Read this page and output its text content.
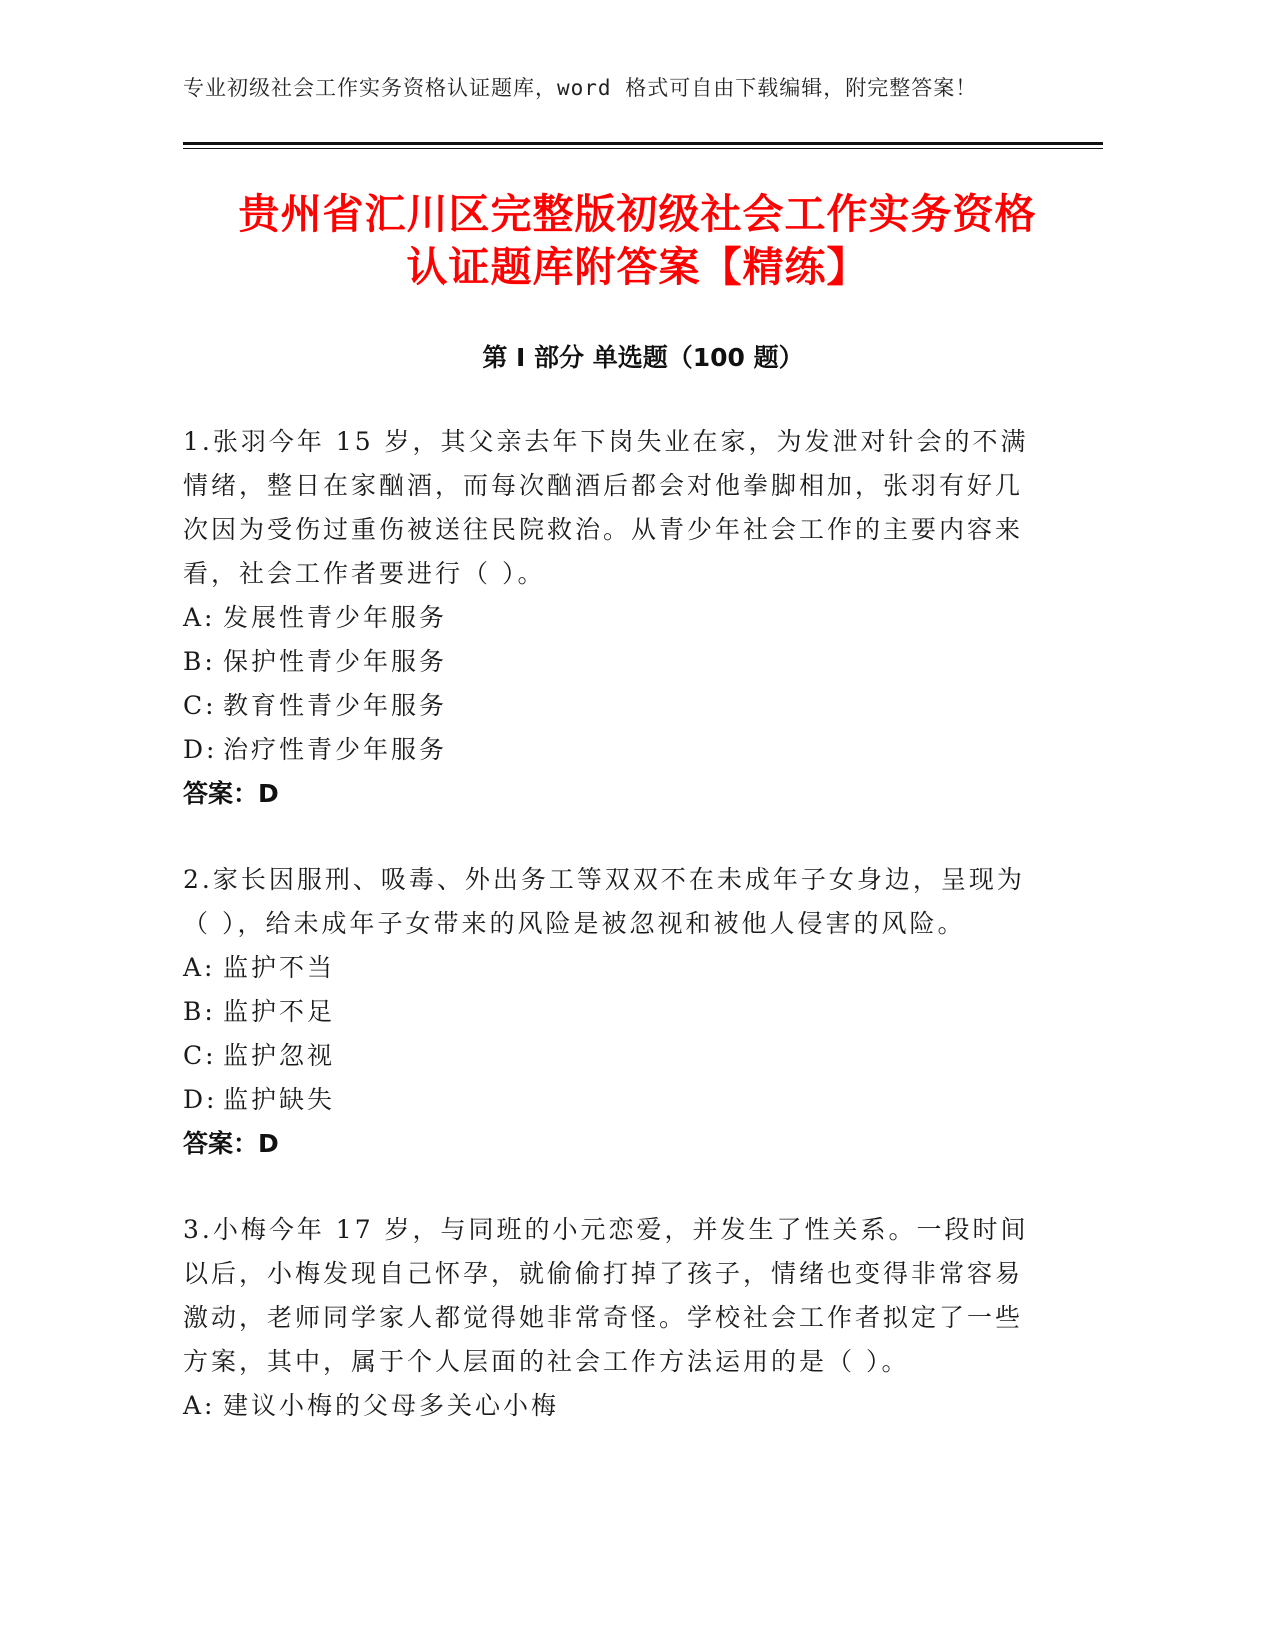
专业初级社会工作实务资格认证题库，word 格式可自由下载编辑，附完整答案！
贵州省汇川区完整版初级社会工作实务资格
认证题库附答案【精练】
第 I 部分 单选题（100 题）

1.张羽今年 15 岁，其父亲去年下岗失业在家，为发泄对针会的不满情绪，整日在家酗酒，而每次酗酒后都会对他拳脚相加，张羽有好几次因为受伤过重伤被送往民院救治。从青少年社会工作的主要内容来看，社会工作者要进行（ ）。

A: 发展性青少年服务
B: 保护性青少年服务
C: 教育性青少年服务
D: 治疗性青少年服务
答案：D

2.家长因服刑、吸毒、外出务工等双双不在未成年子女身边，呈现为（ ），给未成年子女带来的风险是被忽视和被他人侵害的风险。

A: 监护不当
B: 监护不足
C: 监护忽视
D: 监护缺失
答案：D

3.小梅今年 17 岁，与同班的小元恋爱，并发生了性关系。一段时间以后，小梅发现自己怀孕，就偷偷打掉了孩子，情绪也变得非常容易激动，老师同学家人都觉得她非常奇怪。学校社会工作者拟定了一些方案，其中，属于个人层面的社会工作方法运用的是（ ）。

A: 建议小梅的父母多关心小梅
